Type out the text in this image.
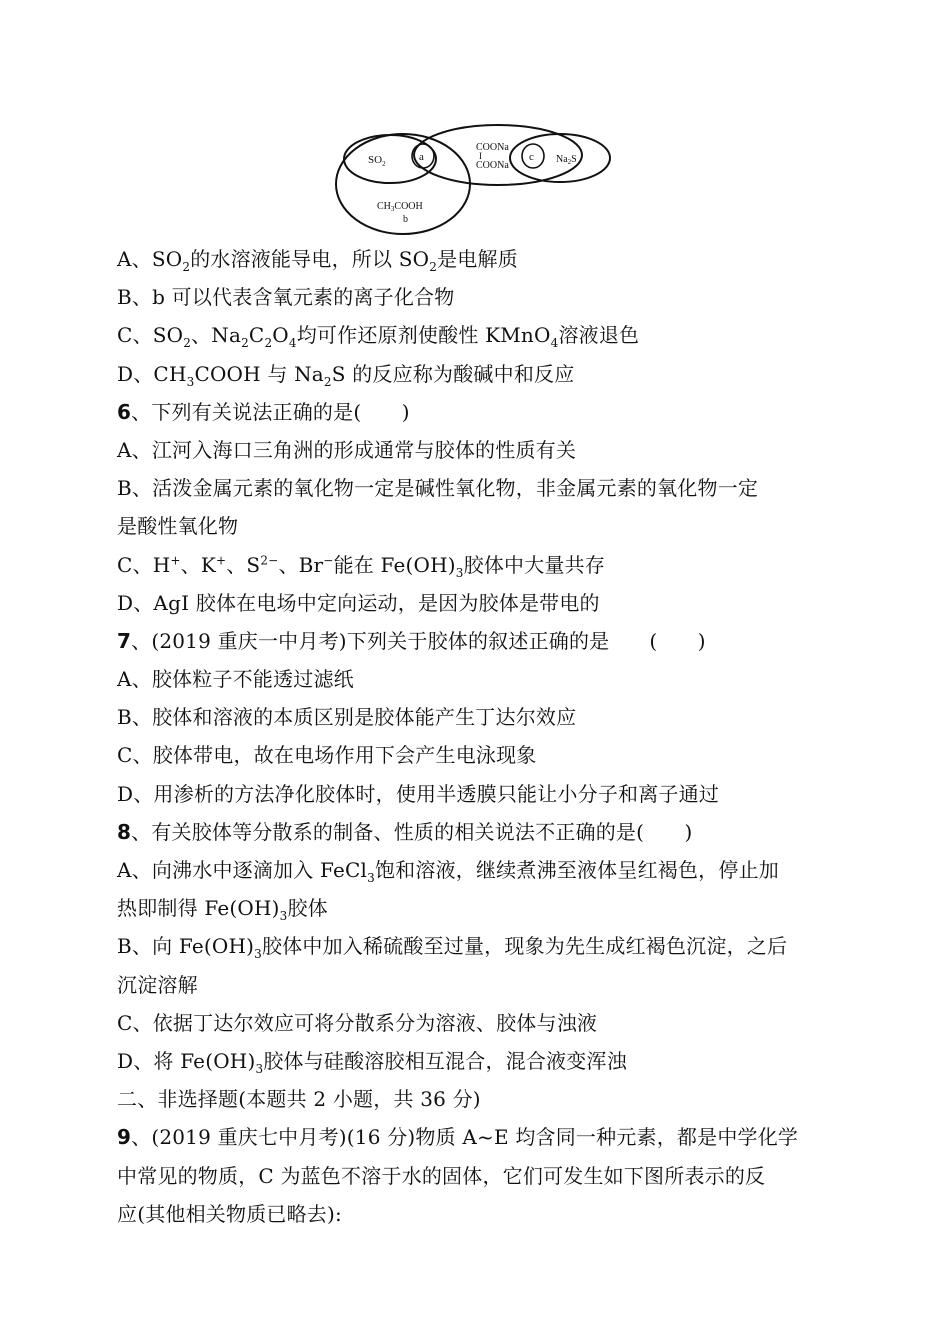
$SO_2$
a
COONa
I
COONa
c $Na_2S$
$CH_3COOH$
b
A、$SO_2$的水溶液能导电，所以 $SO_2$是电解质
B、b 可以代表含氧元素的离子化合物
C、$SO_2$、$Na_2C_2O_4$均可作还原剂使酸性 KMnO$_4$溶液退色
D、$CH_3COOH$ 与 $Na_2S$ 的反应称为酸碱中和反应
6、下列有关说法正确的是(　　)
A、江河入海口三角洲的形成通常与胶体的性质有关
B、活泼金属元素的氧化物一定是碱性氧化物，非金属元素的氧化物一定
是酸性氧化物
C、H+、K+、$S^{2-}$、Br−能在 $Fe(OH)_3$胶体中大量共存
D、AgI 胶体在电场中定向运动，是因为胶体是带电的
7、(2019 重庆一中月考)下列关于胶体的叙述正确的是 (　　)
A、胶体粒子不能透过滤纸
B、胶体和溶液的本质区别是胶体能产生丁达尔效应
C、胶体带电，故在电场作用下会产生电泳现象
D、用渗析的方法净化胶体时，使用半透膜只能让小分子和离子通过
8、有关胶体等分散系的制备、性质的相关说法不正确的是(　　)
A、向沸水中逐滴加入 FeCl$_3$饱和溶液，继续煮沸至液体呈红褐色，停止加
热即制得 $Fe(OH)_3$胶体
B、向 $Fe(OH)_3$胶体中加入稀硫酸至过量，现象为先生成红褐色沉淀，之后
沉淀溶解
C、依据丁达尔效应可将分散系分为溶液、胶体与浊液
D、将 $Fe(OH)_3$胶体与硅酸溶胶相互混合，混合液变浑浊
二、非选择题(本题共 2 小题，共 36 分)
9、(2019 重庆七中月考)(16 分)物质 A~E 均含同一种元素，都是中学化学
中常见的物质，C 为蓝色不溶于水的固体，它们可发生如下图所表示的反
应(其他相关物质已略去):
